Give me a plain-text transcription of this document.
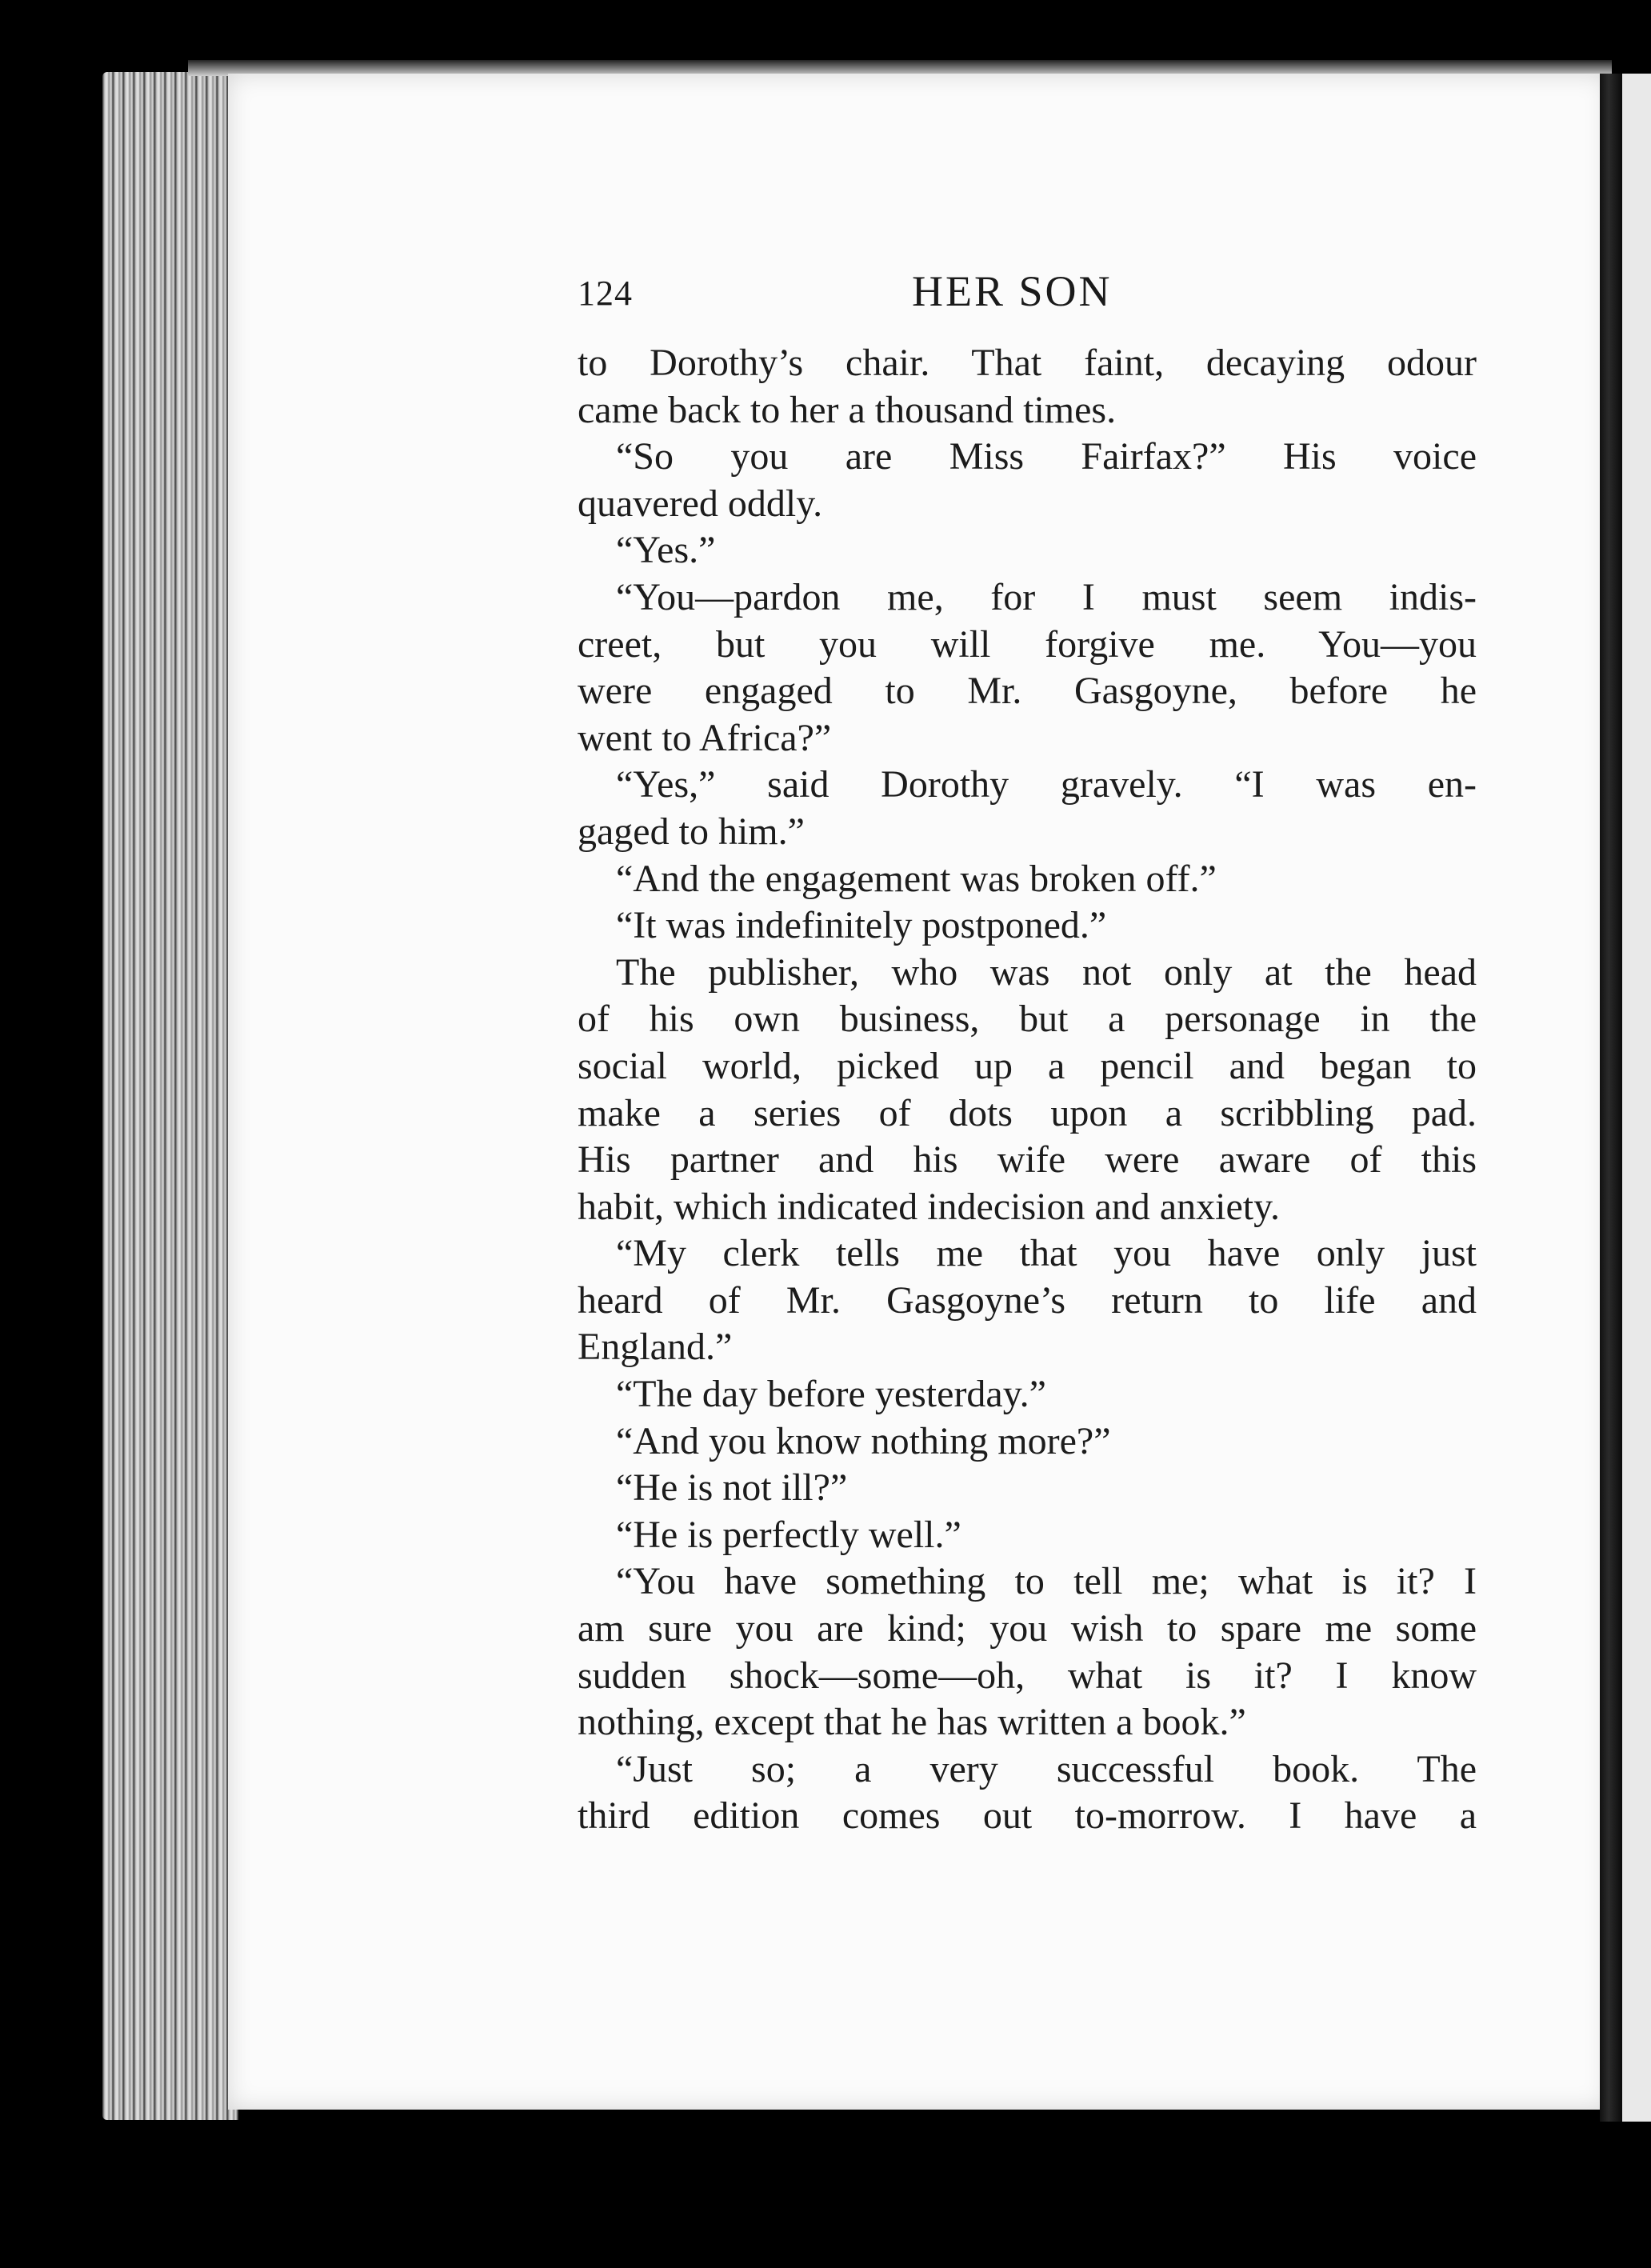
124	HER SON
to Dorothy’s chair. That faint, decaying odour
came back to her a thousand times.
“So you are Miss Fairfax?” His voice
quavered oddly.
“Yes.”
“You—pardon me, for I must seem indis-
creet, but you will forgive me. You—you
were engaged to Mr. Gasgoyne, before he
went to Africa?”
“Yes,” said Dorothy gravely. “I was en-
gaged to him.”
“And the engagement was broken off.”
“It was indefinitely postponed.”
The publisher, who was not only at the head
of his own business, but a personage in the
social world, picked up a pencil and began to
make a series of dots upon a scribbling pad.
His partner and his wife were aware of this
habit, which indicated indecision and anxiety.
“My clerk tells me that you have only just
heard of Mr. Gasgoyne’s return to life and
England.”
“The day before yesterday.”
“And you know nothing more?”
“He is not ill?”
“He is perfectly well.”
“You have something to tell me; what is it? I
am sure you are kind; you wish to spare me some
sudden shock—some—oh, what is it? I know
nothing, except that he has written a book.”
“Just so; a very successful book. The
third edition comes out to-morrow. I have a
